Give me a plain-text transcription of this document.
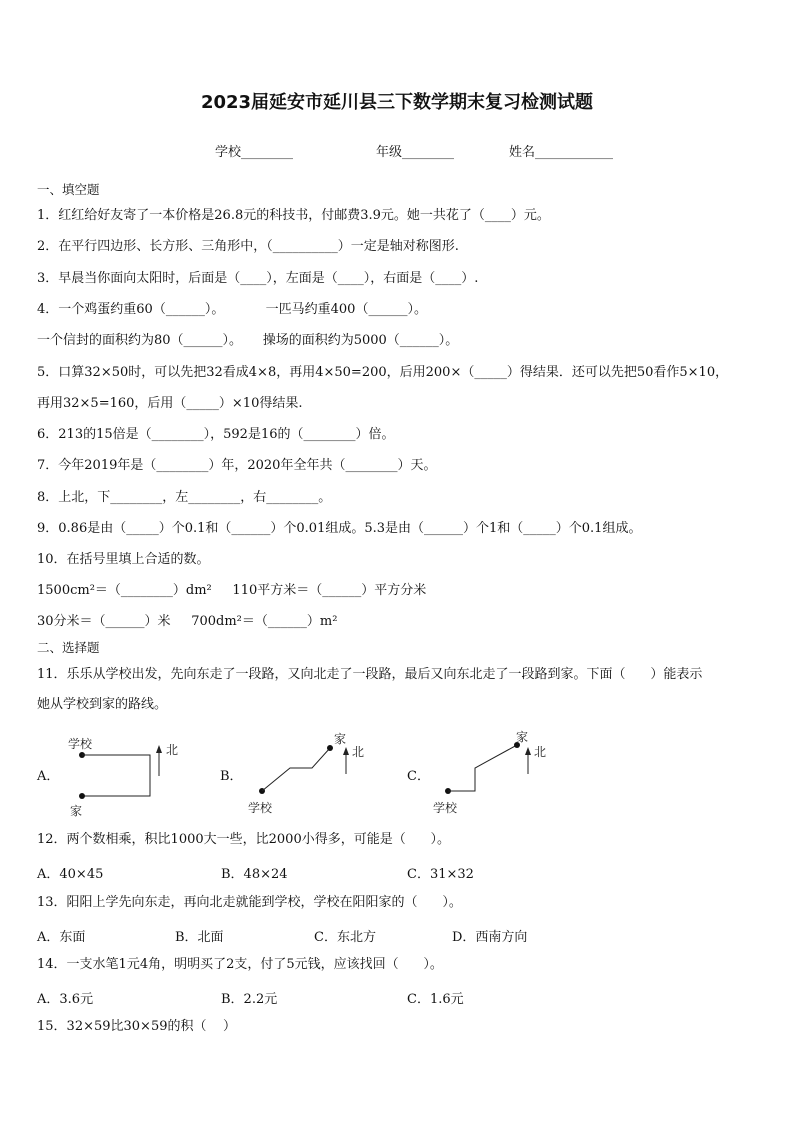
2023届延安市延川县三下数学期末复习检测试题
学校________	年级________	姓名____________
一、填空题
1．红红给好友寄了一本价格是26.8元的科技书，付邮费3.9元。她一共花了（____）元。
2．在平行四边形、长方形、三角形中，（__________）一定是轴对称图形.
3．早晨当你面向太阳时，后面是（____），左面是（____），右面是（____）.
4．一个鸡蛋约重60（______）。          一匹马约重400（______）。
一个信封的面积约为80（______）。     操场的面积约为5000（______）。
5．口算32×50时，可以先把32看成4×8，再用4×50=200，后用200×（_____）得结果．还可以先把50看作5×10，
再用32×5=160，后用（_____）×10得结果.
6．213的15倍是（________），592是16的（________）倍。
7．今年2019年是（________）年，2020年全年共（________）天。
8．上北，下________，左________，右________。
9．0.86是由（_____）个0.1和（______）个0.01组成。5.3是由（______）个1和（_____）个0.1组成。
10．在括号里填上合适的数。
1500cm²＝（________）dm²     110平方米＝（______）平方分米
30分米＝（______）米     700dm²＝（______）m²
二、选择题
11．乐乐从学校出发，先向东走了一段路，又向北走了一段路，最后又向东北走了一段路到家。下面（      ）能表示
她从学校到家的路线。
A．
学校
家
北
B．
家
学校
北
C．
家
学校
北
12．两个数相乘，积比1000大一些，比2000小得多，可能是（      ）。
A．40×45	B．48×24	C．31×32
13．阳阳上学先向东走，再向北走就能到学校，学校在阳阳家的（      ）。
A．东面	B．北面	C．东北方	D．西南方向
14．一支水笔1元4角，明明买了2支，付了5元钱，应该找回（      ）。
A．3.6元	B．2.2元	C．1.6元
15．32×59比30×59的积（    ）
